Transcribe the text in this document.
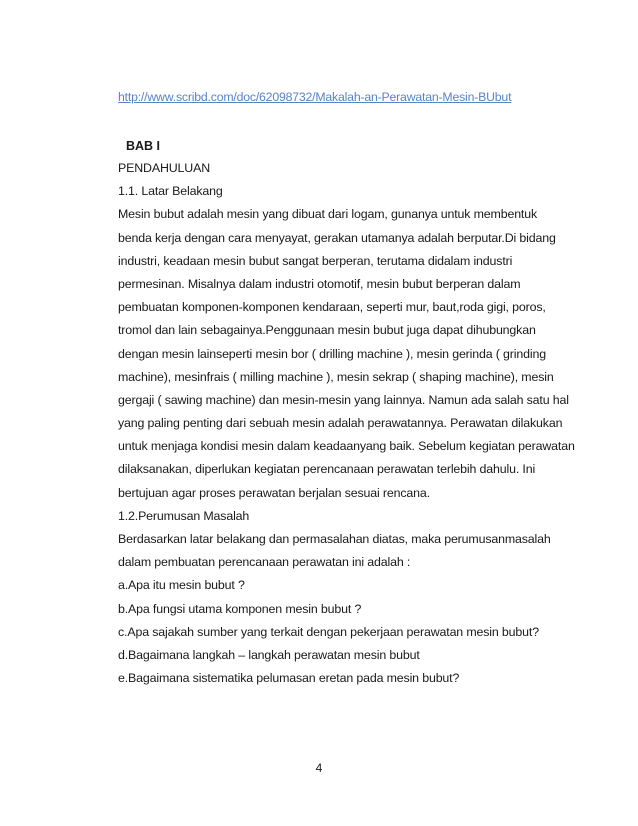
http://www.scribd.com/doc/62098732/Makalah-an-Perawatan-Mesin-BUbut
BAB I
PENDAHULUAN
1.1. Latar Belakang
Mesin bubut adalah mesin yang dibuat dari logam, gunanya untuk membentuk
benda kerja dengan cara menyayat, gerakan utamanya adalah berputar.Di bidang
industri, keadaan mesin bubut sangat berperan, terutama didalam industri
permesinan. Misalnya dalam industri otomotif, mesin bubut berperan dalam
pembuatan komponen-komponen kendaraan, seperti mur, baut,roda gigi, poros,
tromol dan lain sebagainya.Penggunaan mesin bubut juga dapat dihubungkan
dengan mesin lainseperti mesin bor ( drilling machine ), mesin gerinda ( grinding
machine), mesinfrais ( milling machine ), mesin sekrap ( shaping machine), mesin
gergaji ( sawing machine) dan mesin-mesin yang lainnya. Namun ada salah satu hal
yang paling penting dari sebuah mesin adalah perawatannya. Perawatan dilakukan
untuk menjaga kondisi mesin dalam keadaanyang baik. Sebelum kegiatan perawatan
dilaksanakan, diperlukan kegiatan perencanaan perawatan terlebih dahulu. Ini
bertujuan agar proses perawatan berjalan sesuai rencana.
1.2.Perumusan Masalah
Berdasarkan latar belakang dan permasalahan diatas, maka perumusanmasalah
dalam pembuatan perencanaan perawatan ini adalah :
a.Apa itu mesin bubut ?
b.Apa fungsi utama komponen mesin bubut ?
c.Apa sajakah sumber yang terkait dengan pekerjaan perawatan mesin bubut?
d.Bagaimana langkah – langkah perawatan mesin bubut
e.Bagaimana sistematika pelumasan eretan pada mesin bubut?
4
